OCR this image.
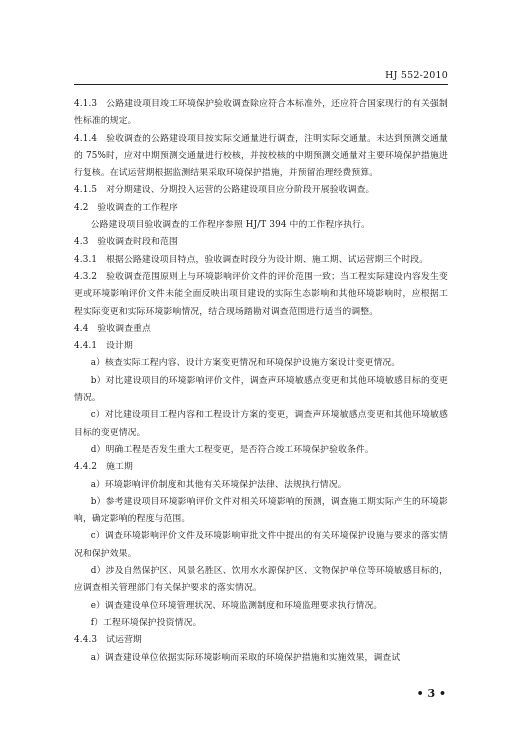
HJ 552-2010

4.1.3　公路建设项目竣工环境保护验收调查除应符合本标准外，还应符合国家现行的有关强制性标准的规定。

4.1.4　验收调查的公路建设项目按实际交通量进行调查，注明实际交通量。未达到预测交通量的 75%时，应对中期预测交通量进行校核，并按校核的中期预测交通量对主要环境保护措施进行复核。在试运营期根据监测结果采取环境保护措施，并预留治理经费预算。

4.1.5　对分期建设、分期投入运营的公路建设项目应分阶段开展验收调查。

4.2　验收调查的工作程序

公路建设项目验收调查的工作程序参照 HJ/T 394 中的工作程序执行。

4.3　验收调查时段和范围

4.3.1　根据公路建设项目特点，验收调查时段分为设计期、施工期、试运营期三个时段。

4.3.2　验收调查范围原则上与环境影响评价文件的评价范围一致；当工程实际建设内容发生变更或环境影响评价文件未能全面反映出项目建设的实际生态影响和其他环境影响时，应根据工程实际变更和实际环境影响情况，结合现场踏勘对调查范围进行适当的调整。

4.4　验收调查重点

4.4.1　设计期

a）核查实际工程内容、设计方案变更情况和环境保护设施方案设计变更情况。

b）对比建设项目的环境影响评价文件，调查声环境敏感点变更和其他环境敏感目标的变更情况。

c）对比建设项目工程内容和工程设计方案的变更，调查声环境敏感点变更和其他环境敏感目标的变更情况。

d）明确工程是否发生重大工程变更，是否符合竣工环境保护验收条件。

4.4.2　施工期

a）环境影响评价制度和其他有关环境保护法律、法规执行情况。

b）参考建设项目环境影响评价文件对相关环境影响的预测，调查施工期实际产生的环境影响，确定影响的程度与范围。

c）调查环境影响评价文件及环境影响审批文件中提出的有关环境保护设施与要求的落实情况和保护效果。

d）涉及自然保护区、风景名胜区、饮用水水源保护区、文物保护单位等环境敏感目标的，应调查相关管理部门有关保护要求的落实情况。

e）调查建设单位环境管理状况、环境监测制度和环境监理要求执行情况。

f）工程环境保护投资情况。

4.4.3　试运营期

a）调查建设单位依据实际环境影响而采取的环境保护措施和实施效果，调查试

• 3 •
